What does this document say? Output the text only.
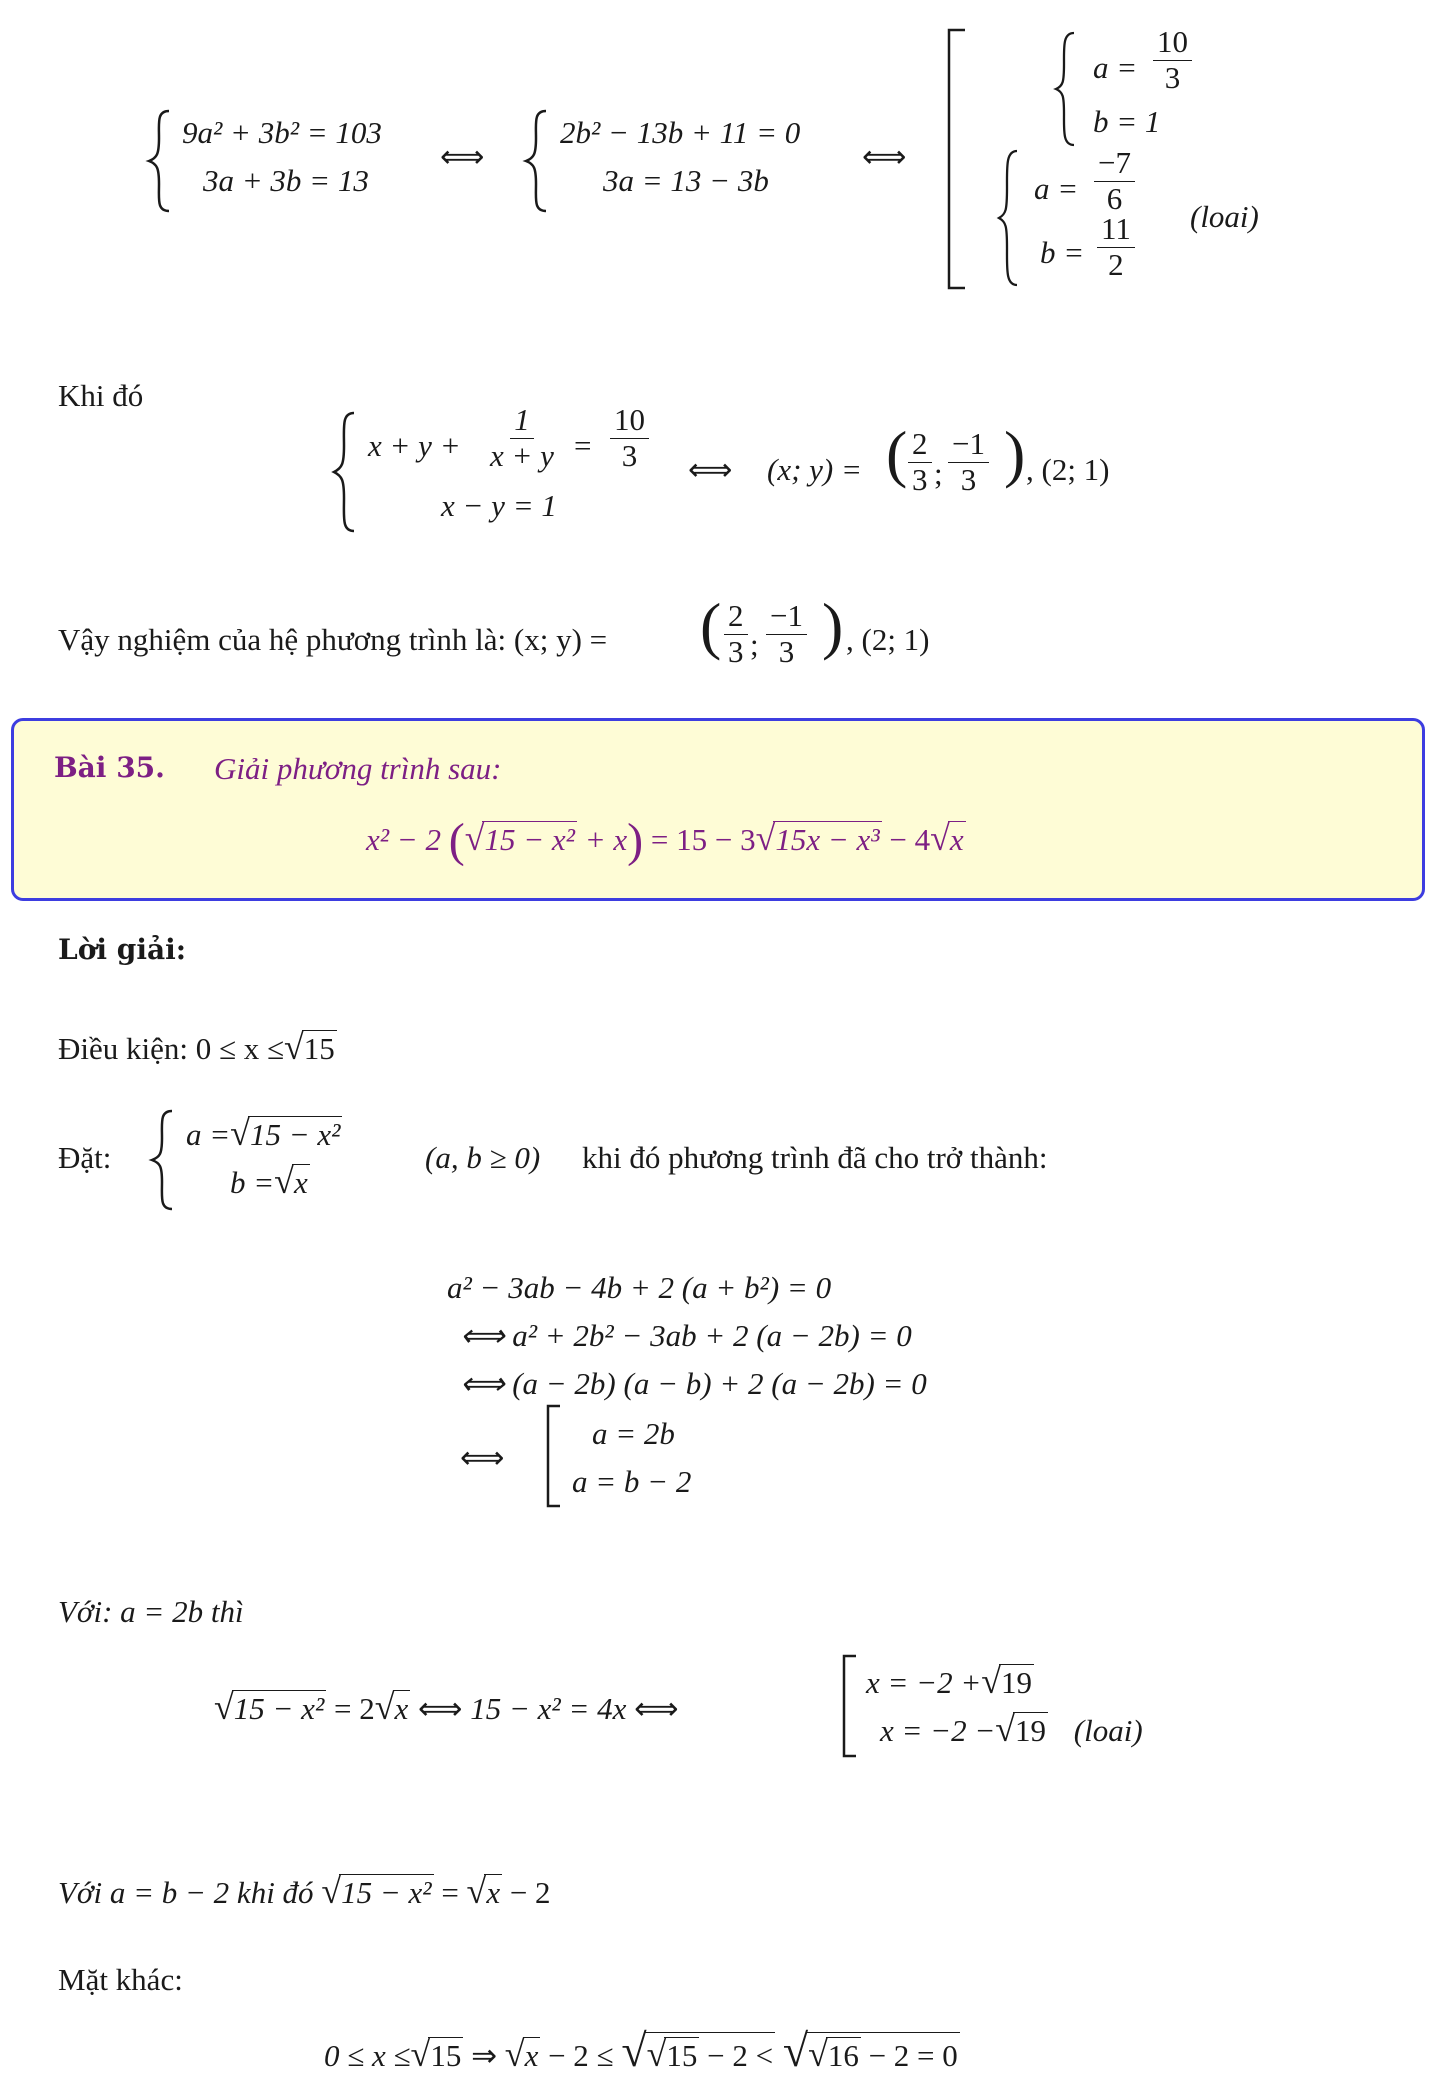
9a² + 3b² = 103
3a + 3b = 13
⟺
2b² − 13b + 11 = 0
3a = 13 − 3b
⟺
$a = \frac{10}{3}$
b = 1
$a = \frac{-7}{6}$
$b = \frac{11}{2}$ (loai)
Khi đó
$x + y + \frac{1}{x + y} = \frac{10}{3}$
x − y = 1
⟺ (x; y) = ( $\frac{2}{3}$ ; $\frac{-1}{3}$ ) , (2; 1)
Vậy nghiệm của hệ phương trình là: (x; y) = ( $\frac{2}{3}$ ; $\frac{-1}{3}$ ) , (2; 1)
Bài 35. Giải phương trình sau:
x² − 2 (√15 − x² + x) = 15 − 3√15x − x³ − 4√x
Lời giải:
Điều kiện: 0 ≤ x ≤√15
Đặt:
a =√15 − x²
b =√x
(a, b ≥ 0) khi đó phương trình đã cho trở thành:
a² − 3ab − 4b + 2 (a + b²) = 0
⟺ a² + 2b² − 3ab + 2 (a − 2b) = 0
⟺ (a − 2b) (a − b) + 2 (a − 2b) = 0
⟺
a = 2b
a = b − 2
Với: a = 2b thì
√15 − x² = 2√x ⟺ 15 − x² = 4x ⟺
x = −2 +√19
x = −2 −√19 (loai)
Với a = b − 2 khi đó √15 − x² = √x − 2
Mặt khác:
0 ≤ x ≤√15 ⇒ √x − 2 ≤ √√15 − 2 < √√16 − 2 = 0
